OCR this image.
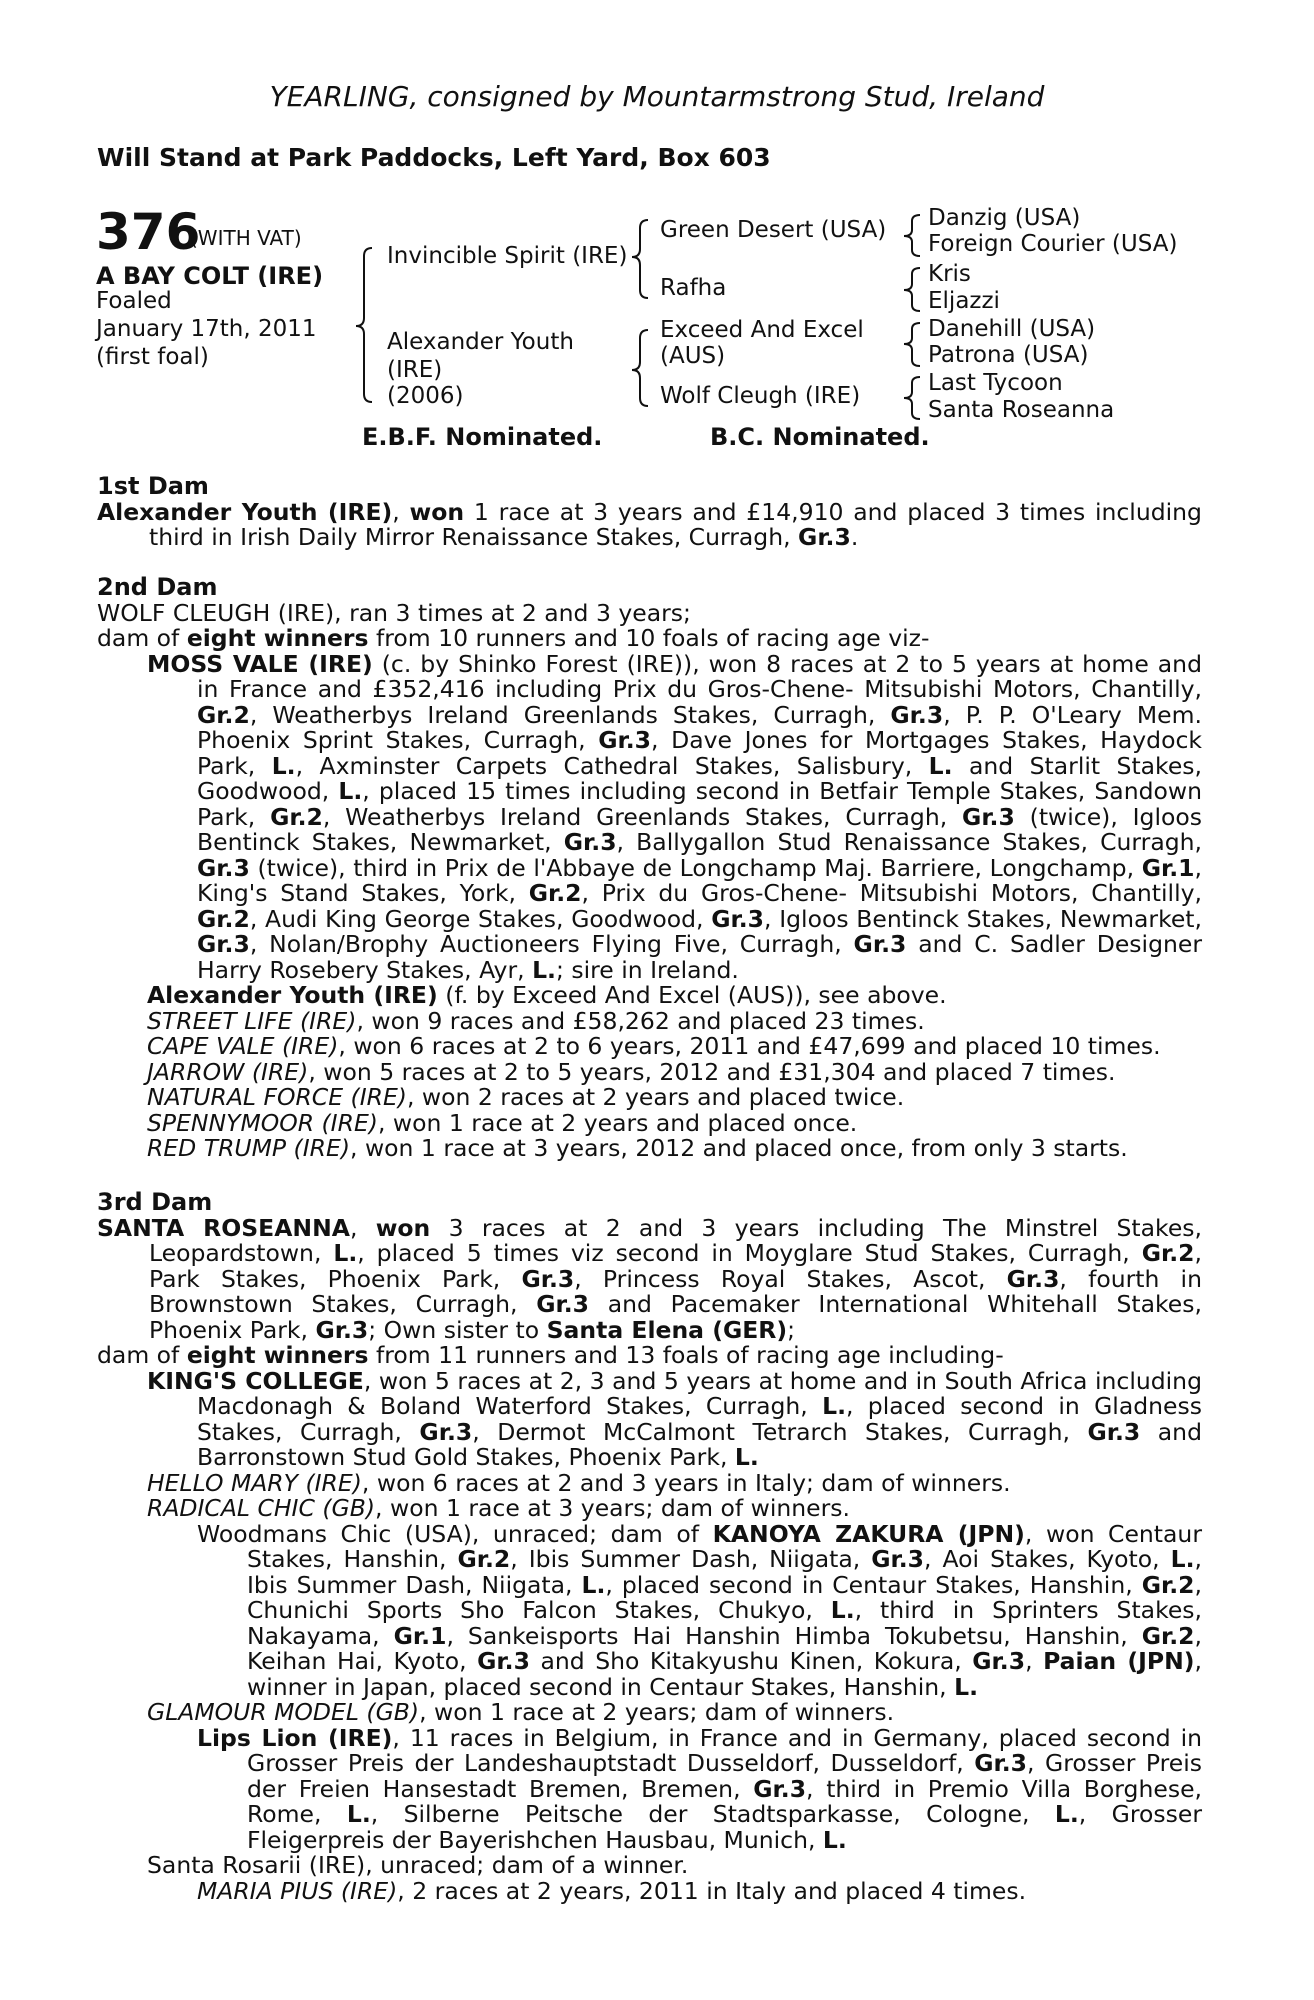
YEARLING, consigned by Mountarmstrong Stud, Ireland
Will Stand at Park Paddocks, Left Yard, Box 603
376
(WITH VAT)
A BAY COLT (IRE)
Foaled
January 17th, 2011
(first foal)
Invincible Spirit (IRE)
Alexander Youth
(IRE)
(2006)
Green Desert (USA)
Rafha
Exceed And Excel
(AUS)
Wolf Cleugh (IRE)
Danzig (USA)
Foreign Courier (USA)
Kris
Eljazzi
Danehill (USA)
Patrona (USA)
Last Tycoon
Santa Roseanna
E.B.F. Nominated.	B.C. Nominated.
1st Dam
Alexander Youth (IRE), won 1 race at 3 years and £14,910 and placed 3 times including third in Irish Daily Mirror Renaissance Stakes, Curragh, Gr.3.
2nd Dam
WOLF CLEUGH (IRE), ran 3 times at 2 and 3 years;
dam of eight winners from 10 runners and 10 foals of racing age viz-
MOSS VALE (IRE) (c. by Shinko Forest (IRE)), won 8 races at 2 to 5 years at home and in France and £352,416 including Prix du Gros-Chene- Mitsubishi Motors, Chantilly, Gr.2, Weatherbys Ireland Greenlands Stakes, Curragh, Gr.3, P. P. O'Leary Mem. Phoenix Sprint Stakes, Curragh, Gr.3, Dave Jones for Mortgages Stakes, Haydock Park, L., Axminster Carpets Cathedral Stakes, Salisbury, L. and Starlit Stakes, Goodwood, L., placed 15 times including second in Betfair Temple Stakes, Sandown Park, Gr.2, Weatherbys Ireland Greenlands Stakes, Curragh, Gr.3 (twice), Igloos Bentinck Stakes, Newmarket, Gr.3, Ballygallon Stud Renaissance Stakes, Curragh, Gr.3 (twice), third in Prix de l'Abbaye de Longchamp Maj. Barriere, Longchamp, Gr.1, King's Stand Stakes, York, Gr.2, Prix du Gros-Chene- Mitsubishi Motors, Chantilly, Gr.2, Audi King George Stakes, Goodwood, Gr.3, Igloos Bentinck Stakes, Newmarket, Gr.3, Nolan/Brophy Auctioneers Flying Five, Curragh, Gr.3 and C. Sadler Designer Harry Rosebery Stakes, Ayr, L.; sire in Ireland.
Alexander Youth (IRE) (f. by Exceed And Excel (AUS)), see above.
STREET LIFE (IRE), won 9 races and £58,262 and placed 23 times.
CAPE VALE (IRE), won 6 races at 2 to 6 years, 2011 and £47,699 and placed 10 times.
JARROW (IRE), won 5 races at 2 to 5 years, 2012 and £31,304 and placed 7 times.
NATURAL FORCE (IRE), won 2 races at 2 years and placed twice.
SPENNYMOOR (IRE), won 1 race at 2 years and placed once.
RED TRUMP (IRE), won 1 race at 3 years, 2012 and placed once, from only 3 starts.
3rd Dam
SANTA ROSEANNA, won 3 races at 2 and 3 years including The Minstrel Stakes, Leopardstown, L., placed 5 times viz second in Moyglare Stud Stakes, Curragh, Gr.2, Park Stakes, Phoenix Park, Gr.3, Princess Royal Stakes, Ascot, Gr.3, fourth in Brownstown Stakes, Curragh, Gr.3 and Pacemaker International Whitehall Stakes, Phoenix Park, Gr.3; Own sister to Santa Elena (GER);
dam of eight winners from 11 runners and 13 foals of racing age including-
KING'S COLLEGE, won 5 races at 2, 3 and 5 years at home and in South Africa including Macdonagh & Boland Waterford Stakes, Curragh, L., placed second in Gladness Stakes, Curragh, Gr.3, Dermot McCalmont Tetrarch Stakes, Curragh, Gr.3 and Barronstown Stud Gold Stakes, Phoenix Park, L.
HELLO MARY (IRE), won 6 races at 2 and 3 years in Italy; dam of winners.
RADICAL CHIC (GB), won 1 race at 3 years; dam of winners.
Woodmans Chic (USA), unraced; dam of KANOYA ZAKURA (JPN), won Centaur Stakes, Hanshin, Gr.2, Ibis Summer Dash, Niigata, Gr.3, Aoi Stakes, Kyoto, L., Ibis Summer Dash, Niigata, L., placed second in Centaur Stakes, Hanshin, Gr.2, Chunichi Sports Sho Falcon Stakes, Chukyo, L., third in Sprinters Stakes, Nakayama, Gr.1, Sankeisports Hai Hanshin Himba Tokubetsu, Hanshin, Gr.2, Keihan Hai, Kyoto, Gr.3 and Sho Kitakyushu Kinen, Kokura, Gr.3, Paian (JPN), winner in Japan, placed second in Centaur Stakes, Hanshin, L.
GLAMOUR MODEL (GB), won 1 race at 2 years; dam of winners.
Lips Lion (IRE), 11 races in Belgium, in France and in Germany, placed second in Grosser Preis der Landeshauptstadt Dusseldorf, Dusseldorf, Gr.3, Grosser Preis der Freien Hansestadt Bremen, Bremen, Gr.3, third in Premio Villa Borghese, Rome, L., Silberne Peitsche der Stadtsparkasse, Cologne, L., Grosser Fleigerpreis der Bayerishchen Hausbau, Munich, L.
Santa Rosarii (IRE), unraced; dam of a winner.
MARIA PIUS (IRE), 2 races at 2 years, 2011 in Italy and placed 4 times.
